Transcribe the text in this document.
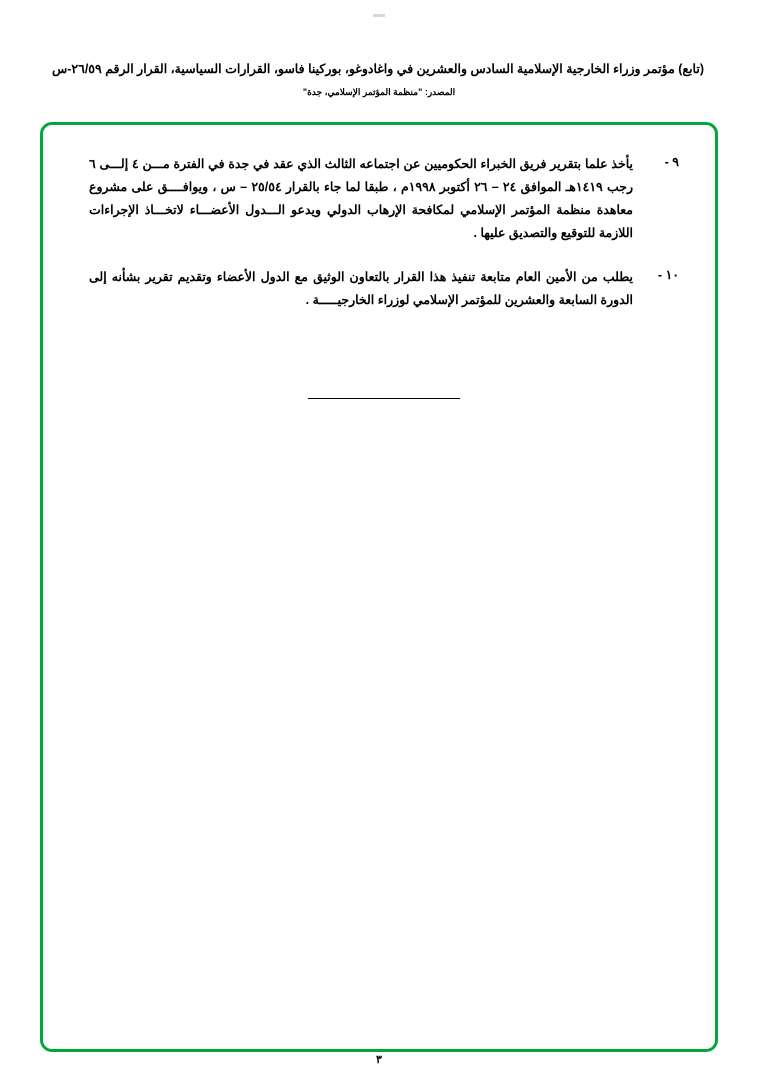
(تابع) مؤتمر وزراء الخارجية الإسلامية السادس والعشرين في واغادوغو، بوركينا فاسو، القرارات السياسية، القرار الرقم ٢٦/٥٩-س
المصدر: "منظمة المؤتمر الإسلامي، جدة"
٩ -
يأخذ علما بتقرير فريق الخبراء الحكوميين عن اجتماعه الثالث الذي عقد في جدة في الفترة مـــن ٤ إلـــى ٦ رجب ١٤١٩هـ الموافق ٢٤ – ٢٦ أكتوبر ١٩٩٨م ، طبقا لما جاء بالقرار ٢٥/٥٤ – س ، ويوافــــق على مشروع معاهدة منظمة المؤتمر الإسلامي لمكافحة الإرهاب الدولي ويدعو الـــدول الأعضـــاء لاتخـــاذ الإجراءات اللازمة للتوقيع والتصديق عليها .
١٠ -
يطلب من الأمين العام متابعة تنفيذ هذا القرار بالتعاون الوثيق مع الدول الأعضاء وتقديم تقرير بشأنه إلى الدورة السابعة والعشرين للمؤتمر الإسلامي لوزراء الخارجيـــــة .
٣
